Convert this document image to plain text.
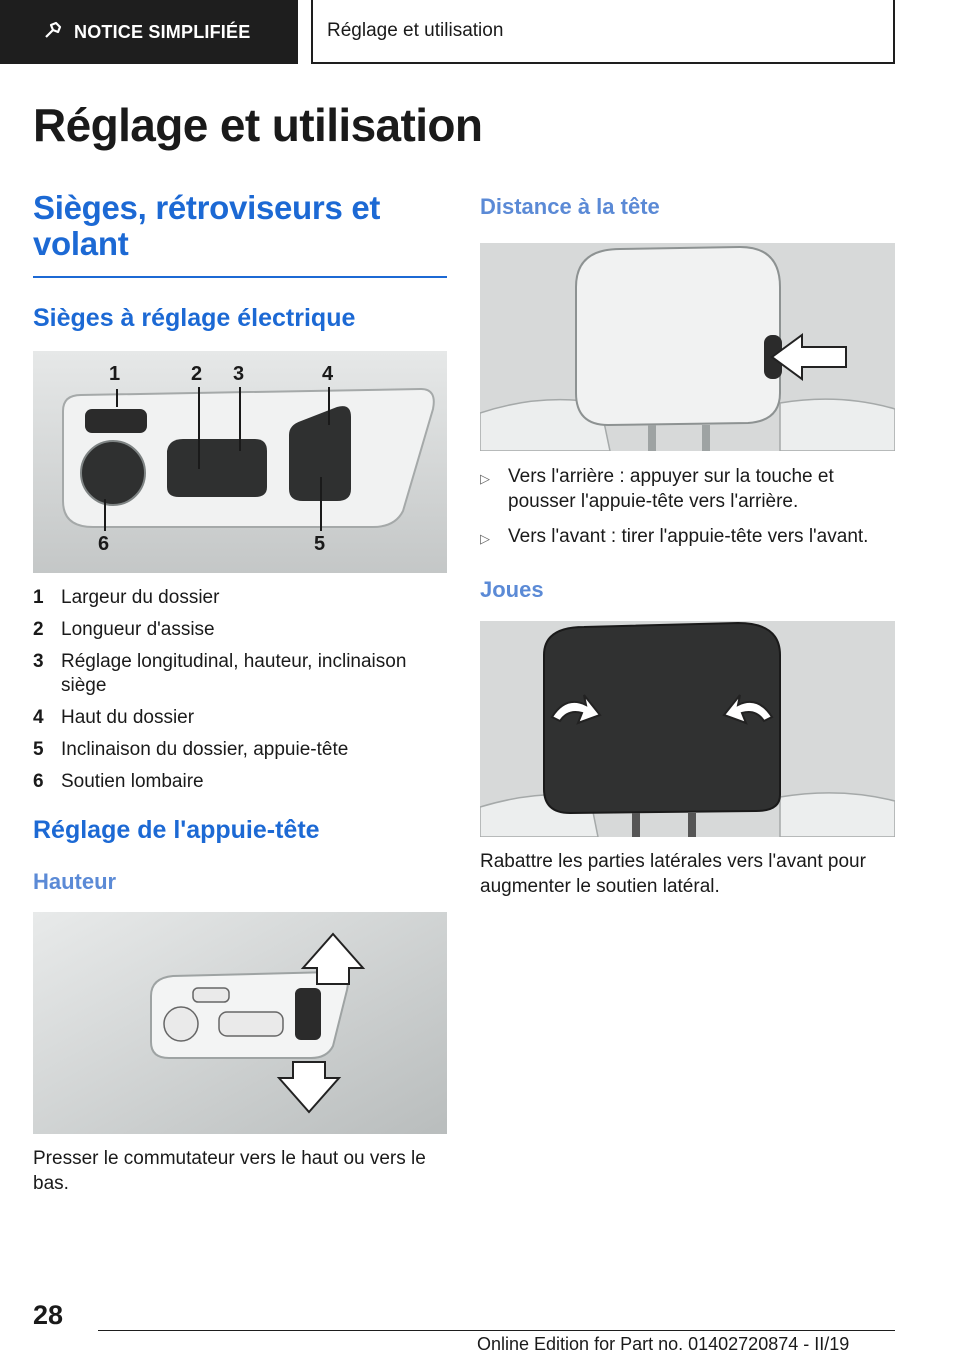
NOTICE SIMPLIFIÉE	Réglage et utilisation
Réglage et utilisation
Sièges, rétroviseurs et volant
Sièges à réglage électrique
1	2 3	4
5
6
1 Largeur du dossier
2 Longueur d'assise
3 Réglage longitudinal, hauteur, inclinaison siège
4 Haut du dossier
5 Inclinaison du dossier, appuie-tête
6 Soutien lombaire
Réglage de l'appuie-tête
Hauteur

Presser le commutateur vers le haut ou vers le bas.

Distance à la tête
▷ Vers l'arrière : appuyer sur la touche et pousser l'appuie-tête vers l'arrière.
▷ Vers l'avant : tirer l'appuie-tête vers l'avant.
Joues

Rabattre les parties latérales vers l'avant pour augmenter le soutien latéral.

28
Online Edition for Part no. 01402720874 - II/19
